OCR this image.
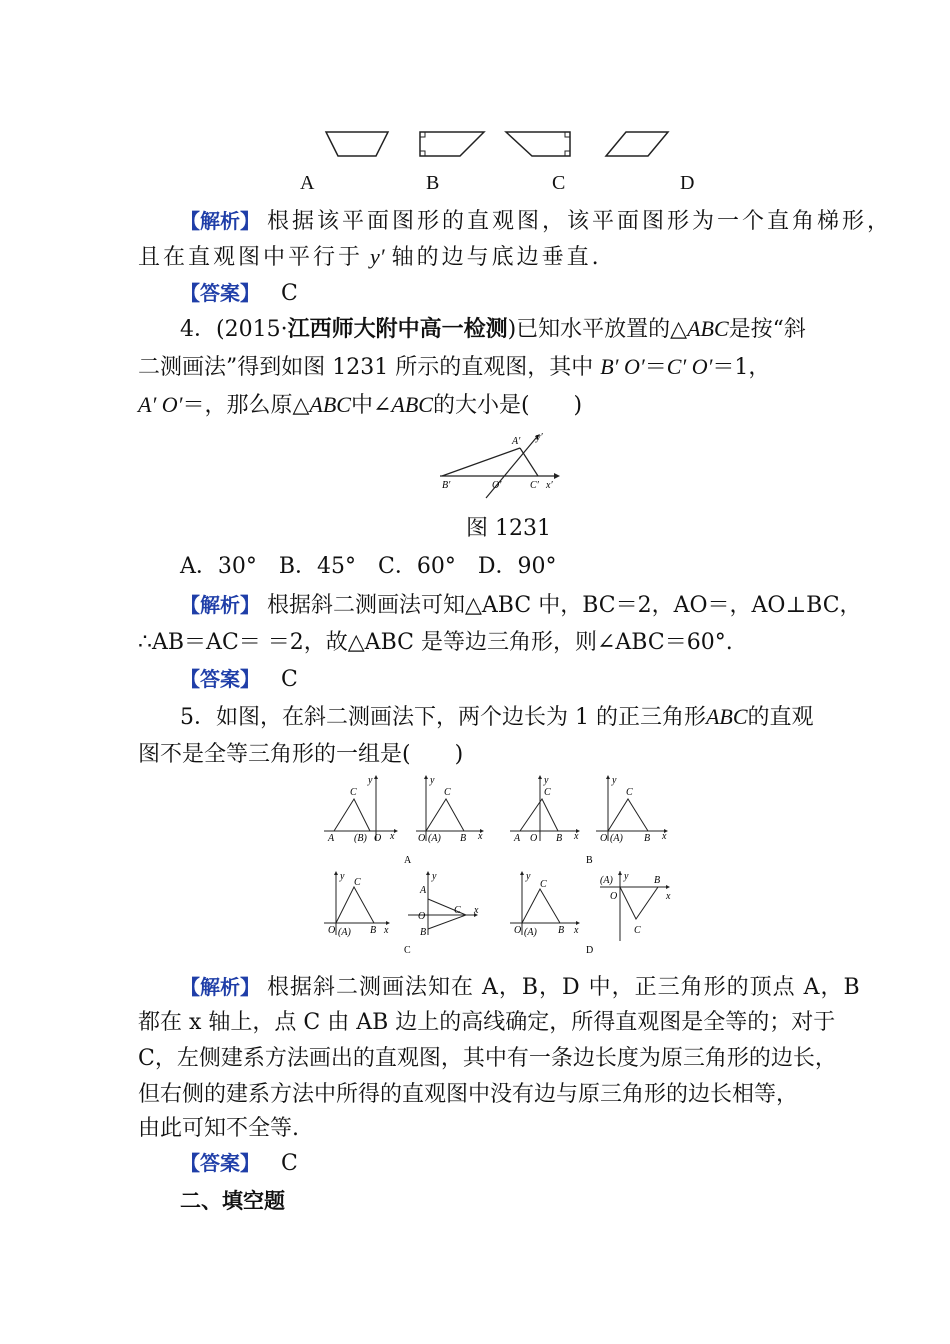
A	B	C	D
【解析】 根据该平面图形的直观图，该平面图形为一个直角梯形，
且在直观图中平行于 y′ 轴的边与底边垂直.
【答案】 C
4．(2015·江西师大附中高一检测)已知水平放置的△ABC是按“斜
二测画法”得到如图 1231 所示的直观图，其中 B′ O′＝C′ O′＝1，
A′ O′＝，那么原△ABC中∠ABC的大小是(　　)
A′ y′
B′	O′	C′ x′
图 1231
A．30°　B．45°　C．60°　D．90°
【解析】 根据斜二测画法可知△ABC 中，BC＝2，AO＝，AO⊥BC，
∴AB＝AC＝ ＝2，故△ABC 是等边三角形，则∠ABC＝60°.
【答案】 C
5．如图，在斜二测画法下，两个边长为 1 的正三角形ABC的直观
图不是全等三角形的一组是(　　)
A (B) O x
y
C
O (A) B x
y
C
A O B x
y
C
O (A) B x
y
C
A	B
O (A) B x
y
C
A
O
B
C x
y
O (A) B x
y
C	(A)
O
B
C
x
y
C	D
【解析】 根据斜二测画法知在 A，B，D 中，正三角形的顶点 A，B
都在 x 轴上，点 C 由 AB 边上的高线确定，所得直观图是全等的；对于
C，左侧建系方法画出的直观图，其中有一条边长度为原三角形的边长，
但右侧的建系方法中所得的直观图中没有边与原三角形的边长相等，
由此可知不全等.
【答案】 C
二、填空题
